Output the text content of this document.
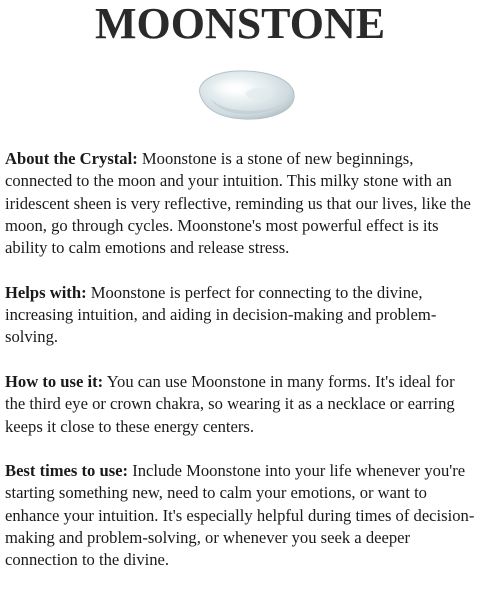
MOONSTONE

About the Crystal: Moonstone is a stone of new beginnings, connected to the moon and your intuition. This milky stone with an iridescent sheen is very reflective, reminding us that our lives, like the moon, go through cycles. Moonstone's most powerful effect is its ability to calm emotions and release stress.

Helps with: Moonstone is perfect for connecting to the divine, increasing intuition, and aiding in decision-making and problem-solving.

How to use it: You can use Moonstone in many forms. It's ideal for the third eye or crown chakra, so wearing it as a necklace or earring keeps it close to these energy centers.

Best times to use: Include Moonstone into your life whenever you're starting something new, need to calm your emotions, or want to enhance your intuition. It's especially helpful during times of decision-making and problem-solving, or whenever you seek a deeper connection to the divine.
